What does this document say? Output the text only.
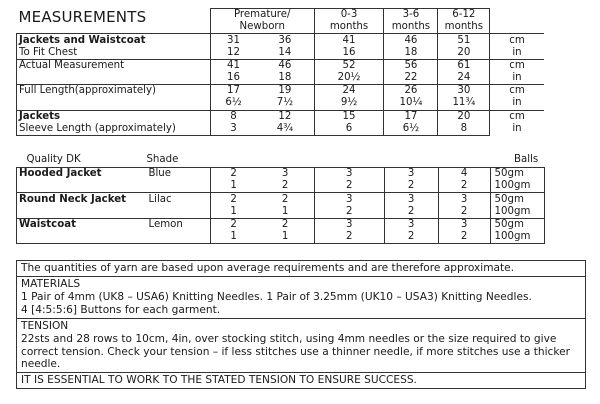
MEASUREMENTS	Premature/		0-3	3-6	6-12	
	Newborn		months	months	months	
Jackets and Waistcoat	31	36	41	46	51	cm
To Fit Chest	12	14	16	18	20	in
Actual Measurement	41	46	52	56	61	cm
	16	18	20½	22	24	in
Full Length(approximately)	17	19	24	26	30	cm
	6½	7½	9½	10¼	11¾	in
Jackets	8	12	15	17	20	cm
Sleeve Length (approximately)	3	4¾	6	6½	8	in
Quality DK	Shade						Balls
Hooded Jacket	Blue	2	3	3	3	4	50gm
		1	2	2	2	2	100gm
Round Neck Jacket	Lilac	2	2	3	3	3	50gm
		1	1	2	2	2	100gm
Waistcoat	Lemon	2	2	3	3	3	50gm
		1	1	2	2	2	100gm

The quantities of yarn are based upon average requirements and are therefore approximate.

MATERIALS

1 Pair of 4mm (UK8 – USA6) Knitting Needles. 1 Pair of 3.25mm (UK10 – USA3) Knitting Needles.

4 [4:5:5:6] Buttons for each garment.

TENSION

22sts and 28 rows to 10cm, 4in, over stocking stitch, using 4mm needles or the size required to give correct tension. Check your tension – if less stitches use a thinner needle, if more stitches use a thicker needle.

IT IS ESSENTIAL TO WORK TO THE STATED TENSION TO ENSURE SUCCESS.
